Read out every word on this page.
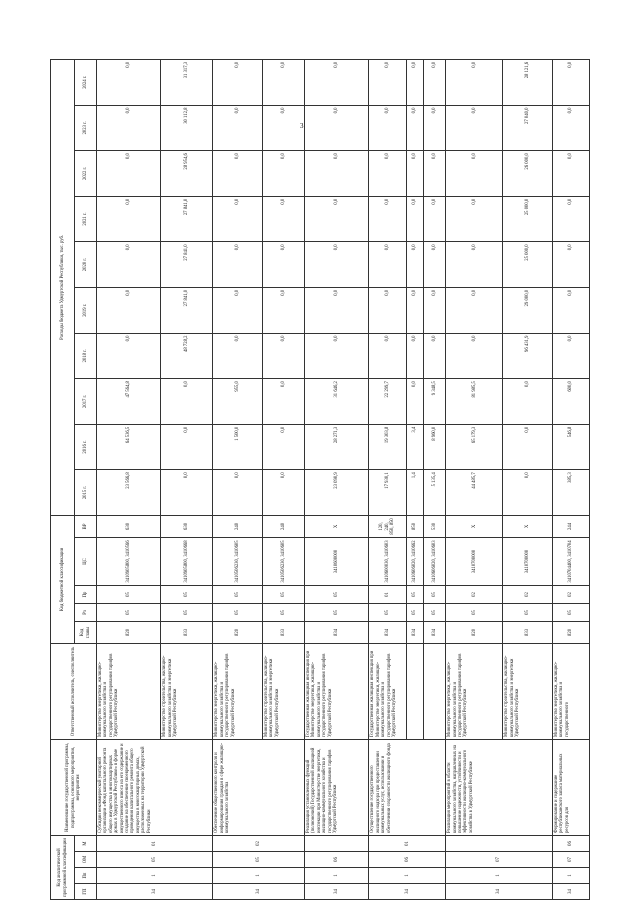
3
Код аналитической программной классификации				Наименование государственной программы, подпрограммы, основного мероприятия, мероприятия	Ответственный исполнитель, соисполнитель	Код бюджетной классификации					Расходы бюджета Удмуртской Республики, тыс. руб.									
ГП	Пп	ОМ	М			Код главы	Рз	Пр	ЦС	ВР	2015 г.	2016 г.	2017 г.	2018 г.	2019 г.	2020 г.	2021 г.	2022 г.	2023 г.	2024 г.
34	1	05	01	Субсидии некоммерческой унитарной организации «Фонд капитального ремонта общего имущества в многоквартирных домах в Удмуртской Республике» в форме имущественного взноса на его содержание и создание на обеспечение своевременного проведения капитального ремонта общего имущества в многоквартирных домах, расположенных на территории Удмуртской Республики	Министерство энергетики, жилищно-коммунального хозяйства и государственного регулирования тарифов Удмуртской Республики	820	05	05	3410905800, 3410566	630	23 566,8	64 536,5	47 564,8	0,0	0,0	0,0	0,0	0,0	0,0	0,0
					Министерство строительства, жилищно-коммунального хозяйства и энергетики Удмуртской Республики	833	05	05	3410905800, 3410668	630	0,0	0,0	0,0	48 728,2	27 841,0	27 841,0	27 841,0	28 954,6	30 112,8	31 317,3
34	1	05	02	Обеспечение общественного контроля и информирования граждан в сфере жилищно-коммунального хозяйства	Министерство энергетики, жилищно-коммунального хозяйства и государственного регулирования тарифов Удмуртской Республики	820	05	05	3410506230, 3410605	240	0,0	1 500,0	955,0	0,0	0,0	0,0	0,0	0,0	0,0	0,0
					Министерство строительства, жилищно-коммунального хозяйства и энергетики Удмуртской Республики	833	05	05	3410506230, 3410605	240	0,0	0,0	0,0	0,0	0,0	0,0	0,0	0,0	0,0	0,0
34	1	06		Реализация установленных функций (полномочий) Государственной жилищной инспекции при Министерстве энергетики, жилищно-коммунального хозяйства и государственного регулирования тарифов Удмуртской Республики	Государственная жилищная инспекция при Министерстве энергетики, жилищно-коммунального хозяйства и государственного регулирования тарифов Удмуртской Республики	834	05	05	3410600000	X	23 090,9	28 271,3	31 646,2	0,0	0,0	0,0	0,0	0,0	0,0	0,0
34	1	06	01	Осуществление государственного жилищного надзора при предоставлении коммунальных услуг, использовании и обеспечении сохранности жилищного фонда	Государственная жилищная инспекция при Министерстве энергетики, жилищно-коммунального хозяйства и государственного регулирования тарифов Удмуртской Республики	834	05	01	3410600030, 3410603	120, 240, 850, 850	17 930,1	19 303,8	22 299,7	0,0	0,0	0,0	0,0	0,0	0,0	0,0
						834	05	05	3410606020, 3410662	850	1,4	3,4	0,0	0,0	0,0	0,0	0,0	0,0	0,0	0,0
						834	05	05	3410606020, 3410603	530	5 135,4	8 960,0	9 348,5	0,0	0,0	0,0	0,0	0,0	0,0	0,0
34	1	07		Реализация мероприятий в области коммунального хозяйства, направленных на повышение надежности, устойчивости и эффективности жилищно-коммунального хозяйства в Удмуртской Республике	Министерство энергетики, жилищно-коммунального хозяйства и государственного регулирования тарифов Удмуртской Республики	820	05	02	3410700000	X	44 485,7	65 179,3	81 985,5	0,0	0,0	0,0	0,0	0,0	0,0	0,0
					Министерство строительства, жилищно-коммунального хозяйства и энергетики Удмуртской Республики	833	05	02	3410700000	X	0,0	0,0	0,0	96 431,9	29 000,0	25 000,0	25 000,0	26 000,0	27 040,0	28 121,6
34	1	07	06	Формирование и содержание республиканского запаса материальных ресурсов для	Министерство энергетики, жилищно-коммунального хозяйства и государственного	820	05	02	3410704400, 3410704	244	385,3	546,8	600,0	0,0	0,0	0,0	0,0	0,0	0,0	0,0
